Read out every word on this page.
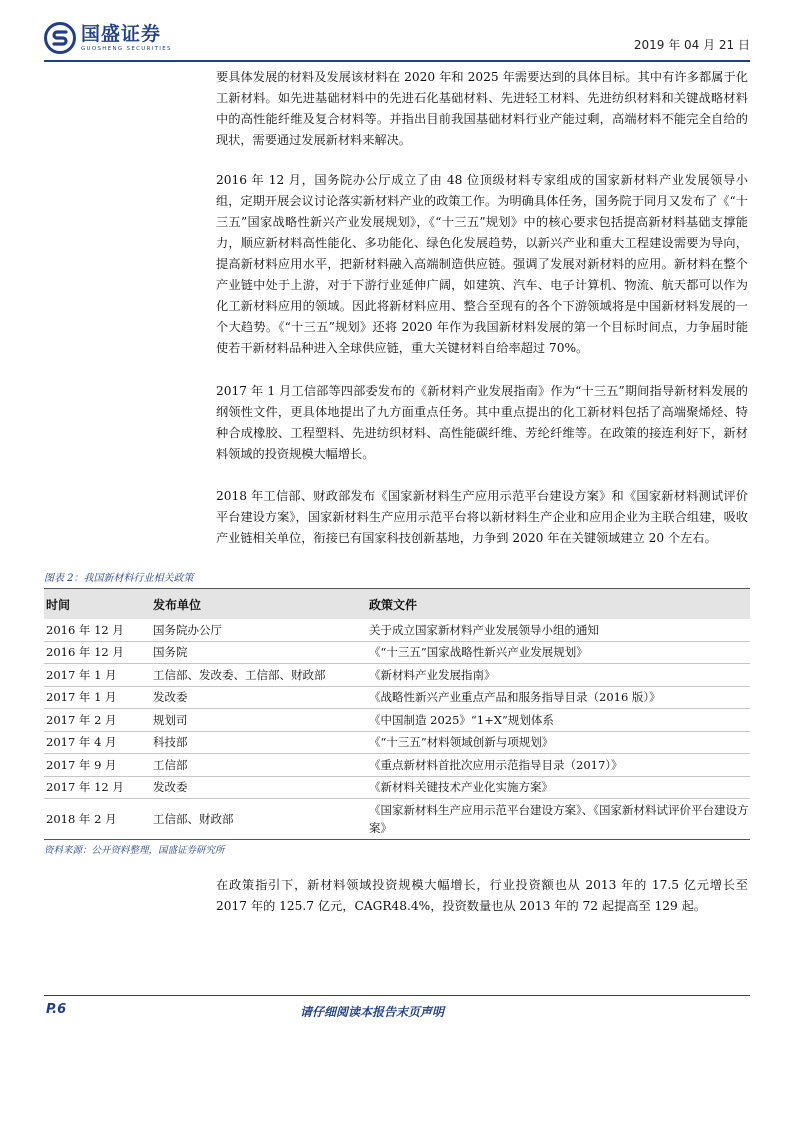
国盛证券
GUOSHENG SECURITIES	2019 年 04 月 21 日

要具体发展的材料及发展该材料在 2020 年和 2025 年需要达到的具体目标。其中有许多都属于化工新材料。如先进基础材料中的先进石化基础材料、先进轻工材料、先进纺织材料和关键战略材料中的高性能纤维及复合材料等。并指出目前我国基础材料行业产能过剩，高端材料不能完全自给的现状，需要通过发展新材料来解决。

2016 年 12 月，国务院办公厅成立了由 48 位顶级材料专家组成的国家新材料产业发展领导小组，定期开展会议讨论落实新材料产业的政策工作。为明确具体任务，国务院于同月又发布了《“十三五”国家战略性新兴产业发展规划》，《“十三五”规划》中的核心要求包括提高新材料基础支撑能力，顺应新材料高性能化、多功能化、绿色化发展趋势，以新兴产业和重大工程建设需要为导向，提高新材料应用水平，把新材料融入高端制造供应链。强调了发展对新材料的应用。新材料在整个产业链中处于上游，对于下游行业延伸广阔，如建筑、汽车、电子计算机、物流、航天都可以作为化工新材料应用的领域。因此将新材料应用、整合至现有的各个下游领域将是中国新材料发展的一个大趋势。《“十三五”规划》还将 2020 年作为我国新材料发展的第一个目标时间点，力争届时能使若干新材料品种进入全球供应链，重大关键材料自给率超过 70%。

2017 年 1 月工信部等四部委发布的《新材料产业发展指南》作为“十三五”期间指导新材料发展的纲领性文件，更具体地提出了九方面重点任务。其中重点提出的化工新材料包括了高端聚烯烃、特种合成橡胶、工程塑料、先进纺织材料、高性能碳纤维、芳纶纤维等。在政策的接连利好下，新材料领域的投资规模大幅增长。

2018 年工信部、财政部发布《国家新材料生产应用示范平台建设方案》和《国家新材料测试评价平台建设方案》，国家新材料生产应用示范平台将以新材料生产企业和应用企业为主联合组建，吸收产业链相关单位，衔接已有国家科技创新基地，力争到 2020 年在关键领域建立 20 个左右。

图表 2：我国新材料行业相关政策
时间	发布单位	政策文件
2016 年 12 月	国务院办公厅	关于成立国家新材料产业发展领导小组的通知
2016 年 12 月	国务院	《“十三五”国家战略性新兴产业发展规划》
2017 年 1 月	工信部、发改委、工信部、财政部	《新材料产业发展指南》
2017 年 1 月	发改委	《战略性新兴产业重点产品和服务指导目录（2016 版）》
2017 年 2 月	规划司	《中国制造 2025》“1+X”规划体系
2017 年 4 月	科技部	《“十三五”材料领域创新与项规划》
2017 年 9 月	工信部	《重点新材料首批次应用示范指导目录（2017）》
2017 年 12 月	发改委	《新材料关键技术产业化实施方案》
2018 年 2 月	工信部、财政部	《国家新材料生产应用示范平台建设方案》、《国家新材料试评价平台建设方案》
资料来源：公开资料整理，国盛证券研究所

在政策指引下，新材料领域投资规模大幅增长，行业投资额也从 2013 年的 17.5 亿元增长至 2017 年的 125.7 亿元，CAGR48.4%，投资数量也从 2013 年的 72 起提高至 129 起。

P.6	请仔细阅读本报告末页声明
